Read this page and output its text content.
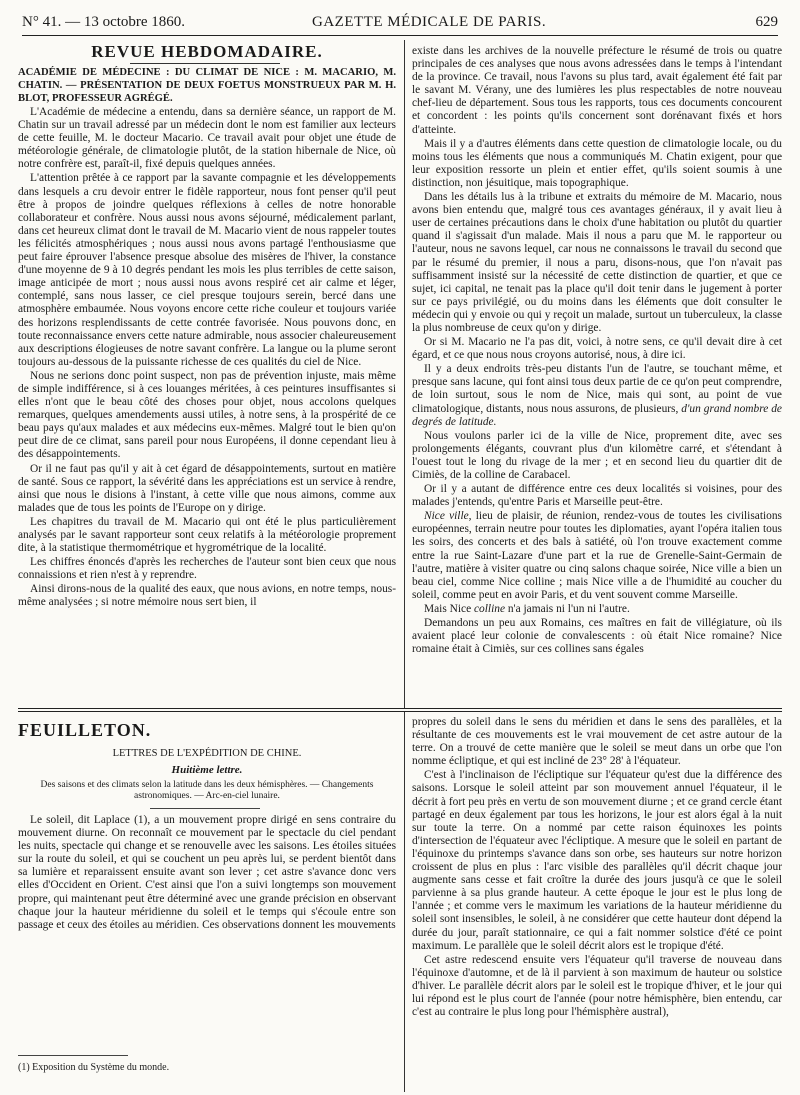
N° 41. — 13 octobre 1860.	GAZETTE MÉDICALE DE PARIS.	629
REVUE HEBDOMADAIRE.

ACADÉMIE DE MÉDECINE : DU CLIMAT DE NICE : M. MACARIO, M. CHATIN. — PRÉSENTATION DE DEUX FOETUS MONSTRUEUX PAR M. H. BLOT, PROFESSEUR AGRÉGÉ.

L'Académie de médecine a entendu, dans sa dernière séance, un rapport de M. Chatin sur un travail adressé par un médecin dont le nom est familier aux lecteurs de cette feuille, M. le docteur Macario. Ce travail avait pour objet une étude de météorologie générale, de climatologie plutôt, de la station hibernale de Nice, où notre confrère est, paraît-il, fixé depuis quelques années.

L'attention prêtée à ce rapport par la savante compagnie et les développements dans lesquels a cru devoir entrer le fidèle rapporteur, nous font penser qu'il peut être à propos de joindre quelques réflexions à celles de notre honorable collaborateur et confrère. Nous aussi nous avons séjourné, médicalement parlant, dans cet heureux climat dont le travail de M. Macario vient de nous rappeler toutes les félicités atmosphériques ; nous aussi nous avons partagé l'enthousiasme que peut faire éprouver l'absence presque absolue des misères de l'hiver, la constance d'une moyenne de 9 à 10 degrés pendant les mois les plus terribles de cette saison, image anticipée de mort ; nous aussi nous avons respiré cet air calme et léger, contemplé, sans nous lasser, ce ciel presque toujours serein, bercé dans une atmosphère embaumée. Nous voyons encore cette riche couleur et toujours variée des horizons resplendissants de cette contrée favorisée. Nous pouvons donc, en toute reconnaissance envers cette nature admirable, nous associer chaleureusement aux descriptions élogieuses de notre savant confrère. La langue ou la plume seront toujours au-dessous de la puissante richesse de ces qualités du ciel de Nice.

Nous ne serions donc point suspect, non pas de prévention injuste, mais même de simple indifférence, si à ces louanges méritées, à ces peintures insuffisantes si elles n'ont que le beau côté des choses pour objet, nous accolons quelques remarques, quelques amendements aussi utiles, à notre sens, à la prospérité de ce beau pays qu'aux malades et aux médecins eux-mêmes. Malgré tout le bien qu'on peut dire de ce climat, sans pareil pour nous Européens, il donne cependant lieu à des désappointements.

Or il ne faut pas qu'il y ait à cet égard de désappointements, surtout en matière de santé. Sous ce rapport, la sévérité dans les appréciations est un service à rendre, ainsi que nous le disions à l'instant, à cette ville que nous aimons, comme aux malades que de tous les points de l'Europe on y dirige.

Les chapitres du travail de M. Macario qui ont été le plus particulièrement analysés par le savant rapporteur sont ceux relatifs à la météorologie proprement dite, à la statistique thermométrique et hygrométrique de la localité.

Les chiffres énoncés d'après les recherches de l'auteur sont bien ceux que nous connaissions et rien n'est à y reprendre.

Ainsi dirons-nous de la qualité des eaux, que nous avions, en notre temps, nous-même analysées ; si notre mémoire nous sert bien, il

existe dans les archives de la nouvelle préfecture le résumé de trois ou quatre principales de ces analyses que nous avons adressées dans le temps à l'intendant de la province. Ce travail, nous l'avons su plus tard, avait également été fait par le savant M. Vérany, une des lumières les plus respectables de notre nouveau chef-lieu de département. Sous tous les rapports, tous ces documents concourent et concordent : les points qu'ils concernent sont dorénavant fixés et hors d'atteinte.

Mais il y a d'autres éléments dans cette question de climatologie locale, ou du moins tous les éléments que nous a communiqués M. Chatin exigent, pour que leur exposition ressorte un plein et entier effet, qu'ils soient soumis à une distinction, non jésuitique, mais topographique.

Dans les détails lus à la tribune et extraits du mémoire de M. Macario, nous avons bien entendu que, malgré tous ces avantages généraux, il y avait lieu à user de certaines précautions dans le choix d'une habitation ou plutôt du quartier quand il s'agissait d'un malade. Mais il nous a paru que M. le rapporteur ou l'auteur, nous ne savons lequel, car nous ne connaissons le travail du second que par le résumé du premier, il nous a paru, disons-nous, que l'on n'avait pas suffisamment insisté sur la nécessité de cette distinction de quartier, et que ce sujet, ici capital, ne tenait pas la place qu'il doit tenir dans le jugement à porter sur ce pays privilégié, ou du moins dans les éléments que doit consulter le médecin qui y envoie ou qui y reçoit un malade, surtout un tuberculeux, la classe la plus nombreuse de ceux qu'on y dirige.

Or si M. Macario ne l'a pas dit, voici, à notre sens, ce qu'il devait dire à cet égard, et ce que nous nous croyons autorisé, nous, à dire ici.

Il y a deux endroits très-peu distants l'un de l'autre, se touchant même, et presque sans lacune, qui font ainsi tous deux partie de ce qu'on peut comprendre, de loin surtout, sous le nom de Nice, mais qui sont, au point de vue climatologique, distants, nous nous assurons, de plusieurs, d'un grand nombre de degrés de latitude.

Nous voulons parler ici de la ville de Nice, proprement dite, avec ses prolongements élégants, couvrant plus d'un kilomètre carré, et s'étendant à l'ouest tout le long du rivage de la mer ; et en second lieu du quartier dit de Cimiès, de la colline de Carabacel.

Or il y a autant de différence entre ces deux localités si voisines, pour des malades j'entends, qu'entre Paris et Marseille peut-être.

Nice ville, lieu de plaisir, de réunion, rendez-vous de toutes les civilisations européennes, terrain neutre pour toutes les diplomaties, ayant l'opéra italien tous les soirs, des concerts et des bals à satiété, où l'on trouve exactement comme entre la rue Saint-Lazare d'une part et la rue de Grenelle-Saint-Germain de l'autre, matière à visiter quatre ou cinq salons chaque soirée, Nice ville a bien un beau ciel, comme Nice colline ; mais Nice ville a de l'humidité au coucher du soleil, comme peut en avoir Paris, et du vent souvent comme Marseille.

Mais Nice colline n'a jamais ni l'un ni l'autre.

Demandons un peu aux Romains, ces maîtres en fait de villégiature, où ils avaient placé leur colonie de convalescents : où était Nice romaine? Nice romaine était à Cimiès, sur ces collines sans égales

FEUILLETON.
LETTRES DE L'EXPÉDITION DE CHINE.
Huitième lettre.
Des saisons et des climats selon la latitude dans les deux hémisphères. — Changements astronomiques. — Arc-en-ciel lunaire.

Le soleil, dit Laplace (1), a un mouvement propre dirigé en sens contraire du mouvement diurne. On reconnaît ce mouvement par le spectacle du ciel pendant les nuits, spectacle qui change et se renouvelle avec les saisons. Les étoiles situées sur la route du soleil, et qui se couchent un peu après lui, se perdent bientôt dans sa lumière et reparaissent ensuite avant son lever ; cet astre s'avance donc vers elles d'Occident en Orient. C'est ainsi que l'on a suivi longtemps son mouvement propre, qui maintenant peut être déterminé avec une grande précision en observant chaque jour la hauteur méridienne du soleil et le temps qui s'écoule entre son passage et ceux des étoiles au méridien. Ces observations donnent les mouvements

(1) Exposition du Système du monde.

propres du soleil dans le sens du méridien et dans le sens des parallèles, et la résultante de ces mouvements est le vrai mouvement de cet astre autour de la terre. On a trouvé de cette manière que le soleil se meut dans un orbe que l'on nomme écliptique, et qui est incliné de 23° 28' à l'équateur.

C'est à l'inclinaison de l'écliptique sur l'équateur qu'est due la différence des saisons. Lorsque le soleil atteint par son mouvement annuel l'équateur, il le décrit à fort peu près en vertu de son mouvement diurne ; et ce grand cercle étant partagé en deux également par tous les horizons, le jour est alors égal à la nuit sur toute la terre. On a nommé par cette raison équinoxes les points d'intersection de l'équateur avec l'écliptique. A mesure que le soleil en partant de l'équinoxe du printemps s'avance dans son orbe, ses hauteurs sur notre horizon croissent de plus en plus : l'arc visible des parallèles qu'il décrit chaque jour augmente sans cesse et fait croître la durée des jours jusqu'à ce que le soleil parvienne à sa plus grande hauteur. A cette époque le jour est le plus long de l'année ; et comme vers le maximum les variations de la hauteur méridienne du soleil sont insensibles, le soleil, à ne considérer que cette hauteur dont dépend la durée du jour, paraît stationnaire, ce qui a fait nommer solstice d'été ce point maximum. Le parallèle que le soleil décrit alors est le tropique d'été.

Cet astre redescend ensuite vers l'équateur qu'il traverse de nouveau dans l'équinoxe d'automne, et de là il parvient à son maximum de hauteur ou solstice d'hiver. Le parallèle décrit alors par le soleil est le tropique d'hiver, et le jour qui lui répond est le plus court de l'année (pour notre hémisphère, bien entendu, car c'est au contraire le plus long pour l'hémisphère austral),
